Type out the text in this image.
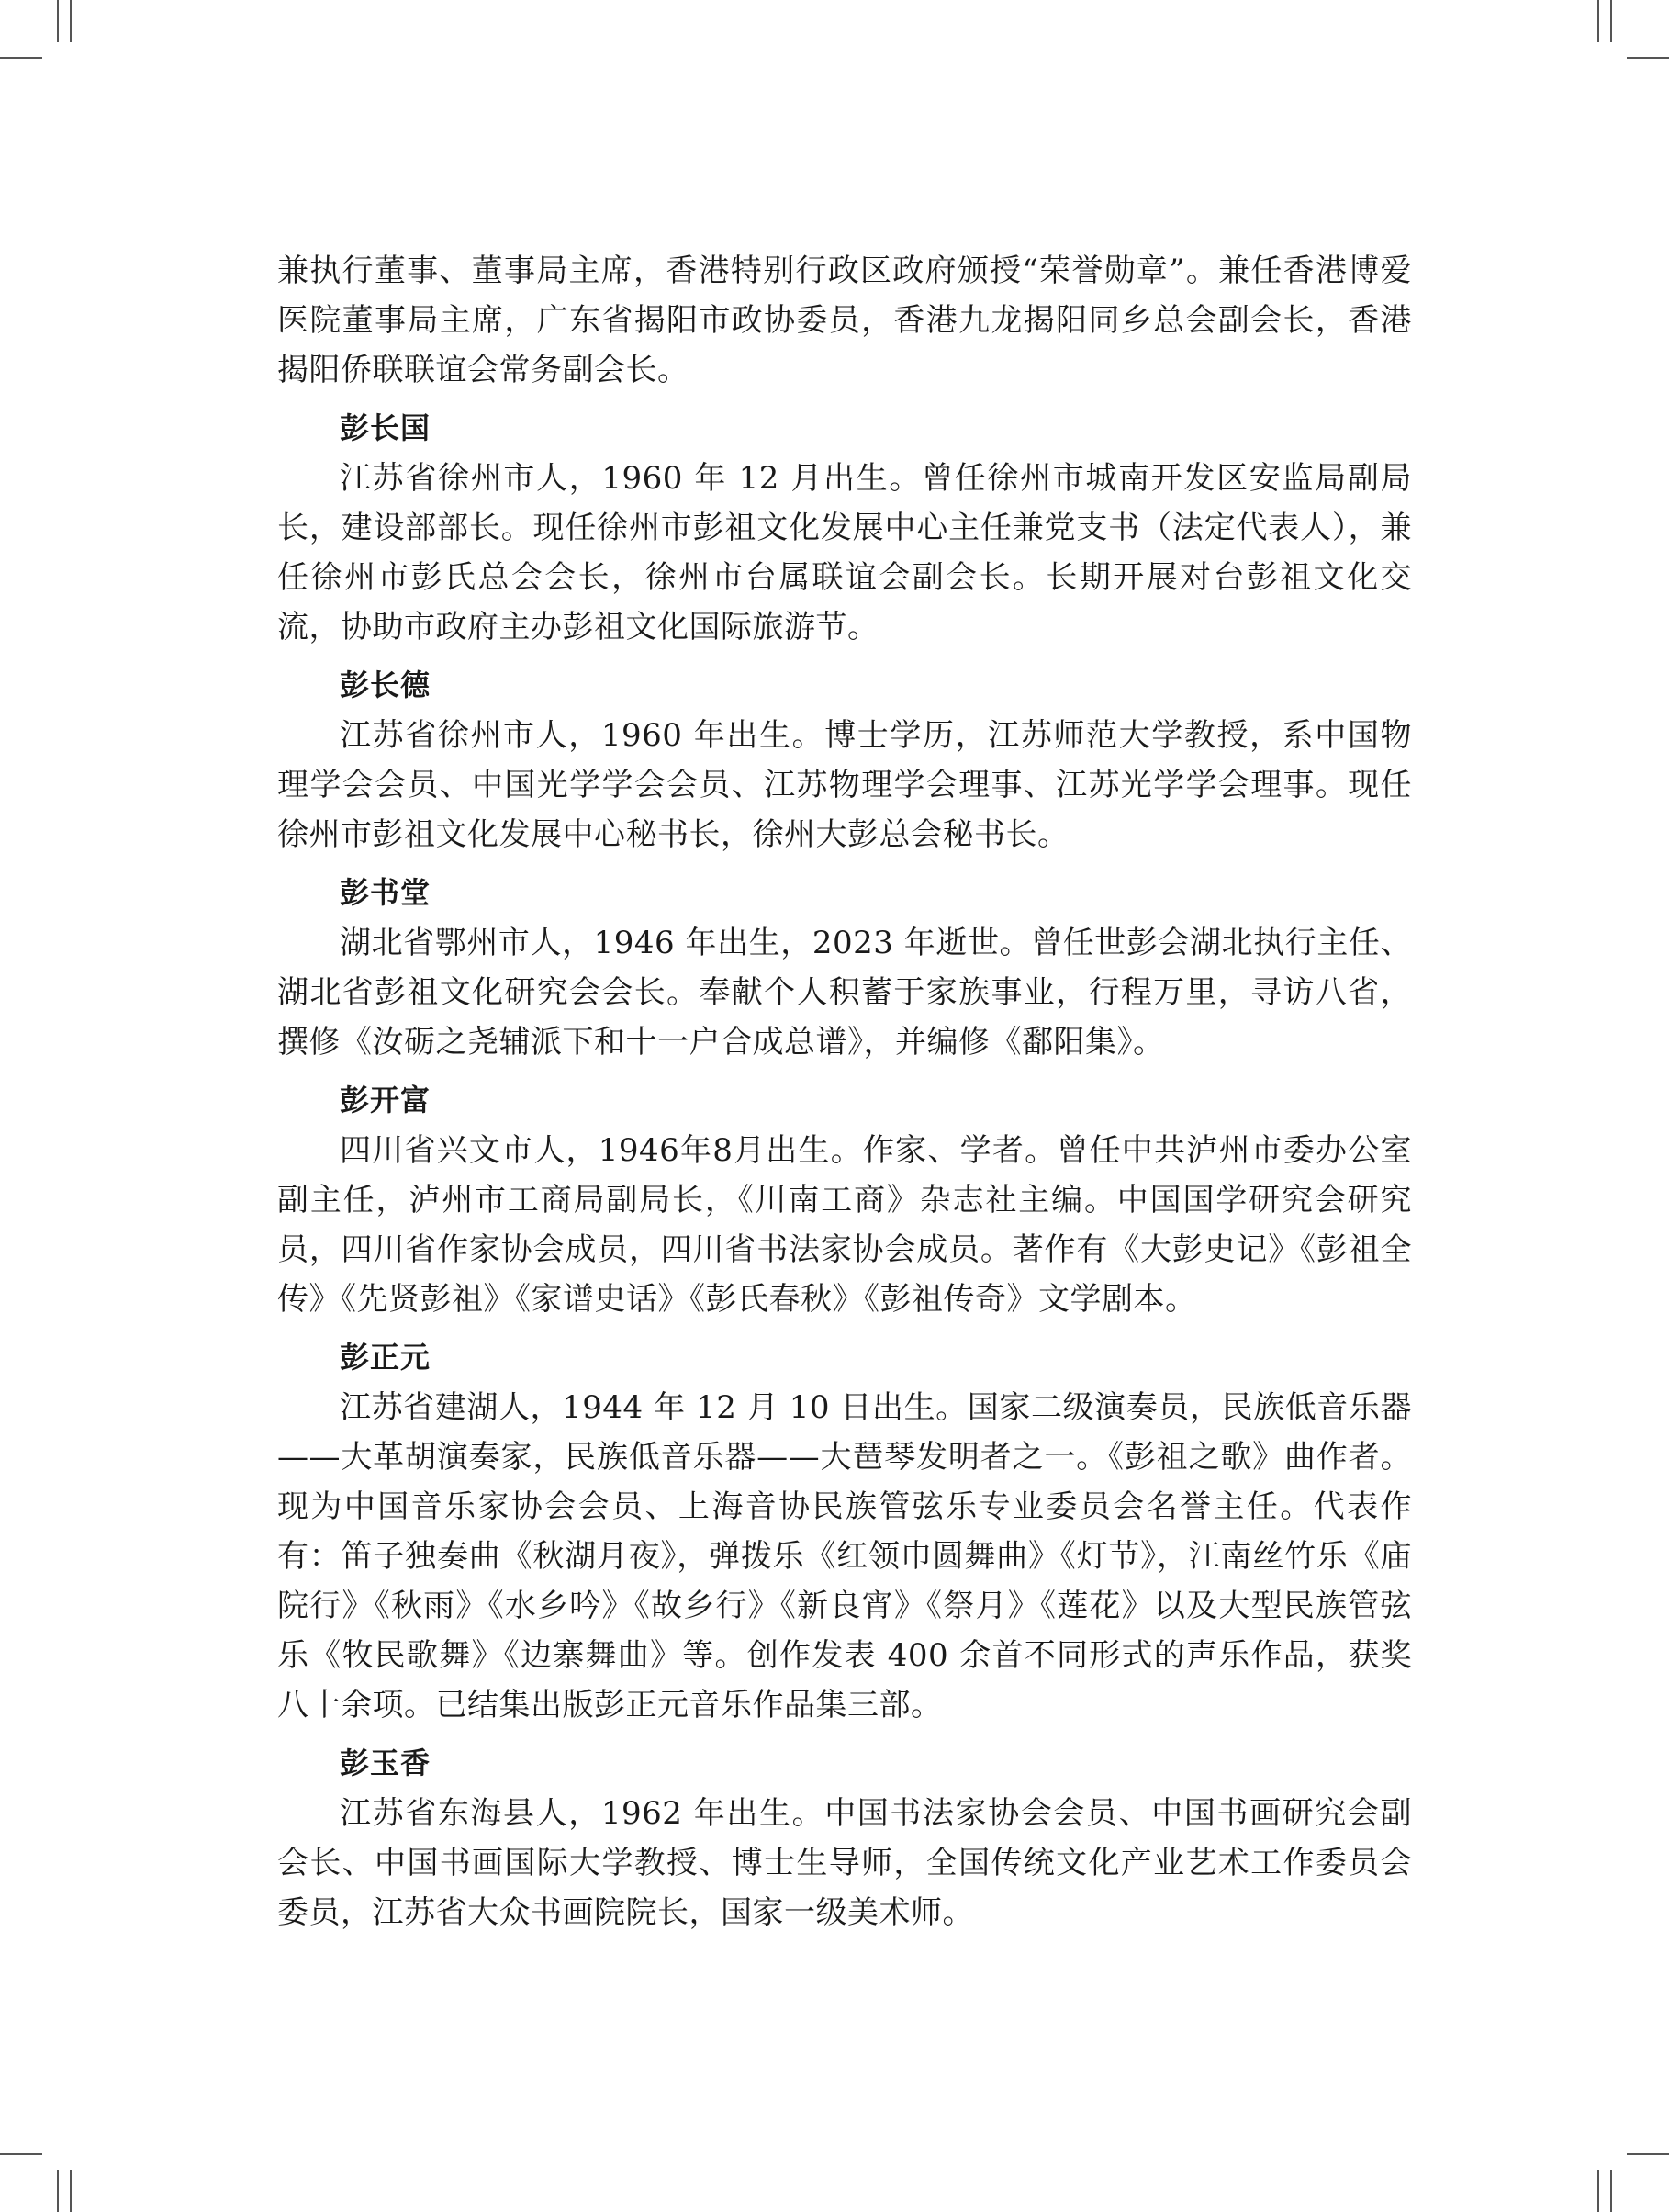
兼执行董事、董事局主席，香港特别行政区政府颁授“荣誉勋章”。兼任香港博爱医院董事局主席，广东省揭阳市政协委员，香港九龙揭阳同乡总会副会长，香港揭阳侨联联谊会常务副会长。

彭长国

江苏省徐州市人，1960 年 12 月出生。曾任徐州市城南开发区安监局副局长，建设部部长。现任徐州市彭祖文化发展中心主任兼党支书（法定代表人），兼任徐州市彭氏总会会长，徐州市台属联谊会副会长。长期开展对台彭祖文化交流，协助市政府主办彭祖文化国际旅游节。

彭长德

江苏省徐州市人，1960 年出生。博士学历，江苏师范大学教授，系中国物理学会会员、中国光学学会会员、江苏物理学会理事、江苏光学学会理事。现任徐州市彭祖文化发展中心秘书长，徐州大彭总会秘书长。

彭书堂

湖北省鄂州市人，1946 年出生，2023 年逝世。曾任世彭会湖北执行主任、湖北省彭祖文化研究会会长。奉献个人积蓄于家族事业，行程万里，寻访八省，撰修《汝砺之尧辅派下和十一户合成总谱》，并编修《鄱阳集》。

彭开富

四川省兴文市人，1946年8月出生。作家、学者。曾任中共泸州市委办公室副主任，泸州市工商局副局长，《川南工商》杂志社主编。中国国学研究会研究员，四川省作家协会成员，四川省书法家协会成员。著作有《大彭史记》《彭祖全传》《先贤彭祖》《家谱史话》《彭氏春秋》《彭祖传奇》文学剧本。

彭正元

江苏省建湖人，1944 年 12 月 10 日出生。国家二级演奏员，民族低音乐器——大革胡演奏家，民族低音乐器——大琶琴发明者之一。《彭祖之歌》曲作者。现为中国音乐家协会会员、上海音协民族管弦乐专业委员会名誉主任。代表作有：笛子独奏曲《秋湖月夜》，弹拨乐《红领巾圆舞曲》《灯节》，江南丝竹乐《庙院行》《秋雨》《水乡吟》《故乡行》《新良宵》《祭月》《莲花》以及大型民族管弦乐《牧民歌舞》《边寨舞曲》等。创作发表 400 余首不同形式的声乐作品，获奖八十余项。已结集出版彭正元音乐作品集三部。

彭玉香

江苏省东海县人，1962 年出生。中国书法家协会会员、中国书画研究会副会长、中国书画国际大学教授、博士生导师，全国传统文化产业艺术工作委员会委员，江苏省大众书画院院长，国家一级美术师。
